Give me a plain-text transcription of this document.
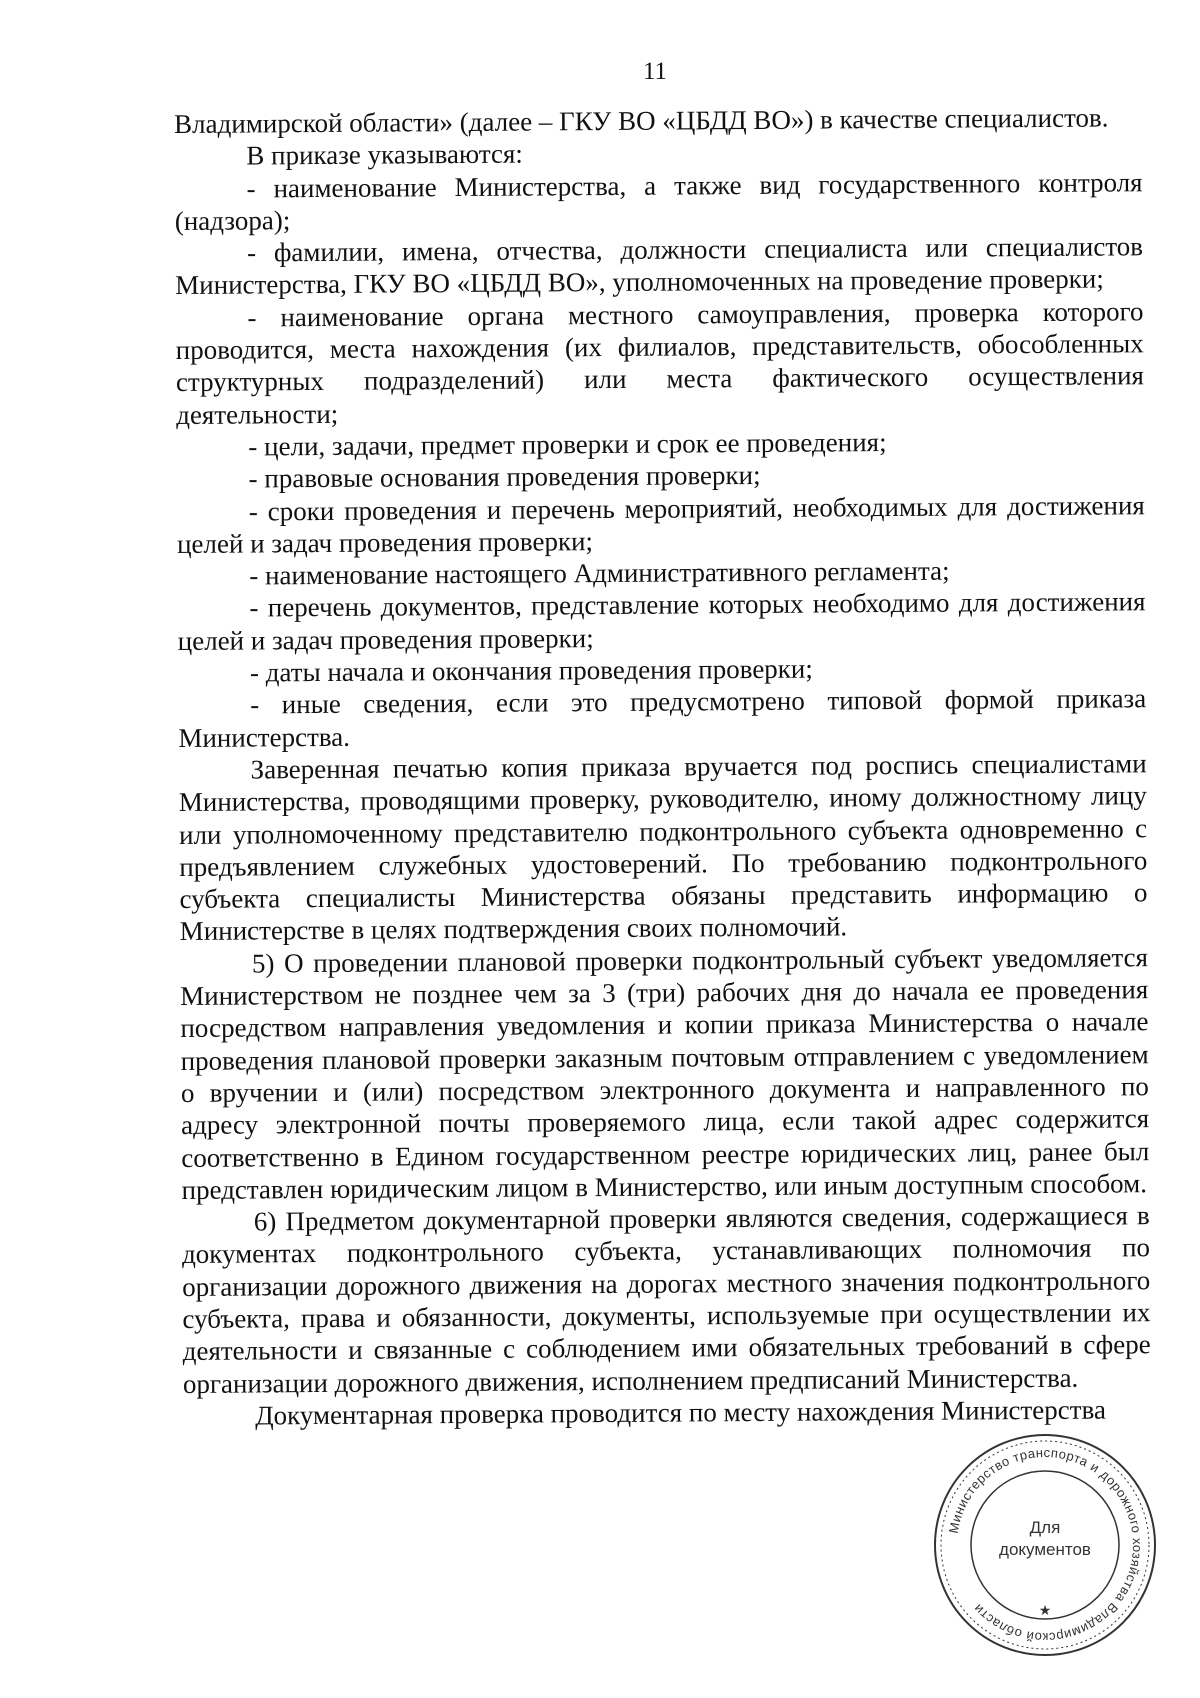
11

Владимирской области» (далее – ГКУ ВО «ЦБДД ВО») в качестве специалистов.

В приказе указываются:

- наименование Министерства, а также вид государственного контроля (надзора);

- фамилии, имена, отчества, должности специалиста или специалистов Министерства, ГКУ ВО «ЦБДД ВО», уполномоченных на проведение проверки;

- наименование органа местного самоуправления, проверка которого проводится, места нахождения (их филиалов, представительств, обособленных структурных подразделений) или места фактического осуществления деятельности;

- цели, задачи, предмет проверки и срок ее проведения;

- правовые основания проведения проверки;

- сроки проведения и перечень мероприятий, необходимых для достижения целей и задач проведения проверки;

- наименование настоящего Административного регламента;

- перечень документов, представление которых необходимо для достижения целей и задач проведения проверки;

- даты начала и окончания проведения проверки;

- иные сведения, если это предусмотрено типовой формой приказа Министерства.

Заверенная печатью копия приказа вручается под роспись специалистами Министерства, проводящими проверку, руководителю, иному должностному лицу или уполномоченному представителю подконтрольного субъекта одновременно с предъявлением служебных удостоверений. По требованию подконтрольного субъекта специалисты Министерства обязаны представить информацию о Министерстве в целях подтверждения своих полномочий.

5) О проведении плановой проверки подконтрольный субъект уведомляется Министерством не позднее чем за 3 (три) рабочих дня до начала ее проведения посредством направления уведомления и копии приказа Министерства о начале проведения плановой проверки заказным почтовым отправлением с уведомлением о вручении и (или) посредством электронного документа и направленного по адресу электронной почты проверяемого лица, если такой адрес содержится соответственно в Едином государственном реестре юридических лиц, ранее был представлен юридическим лицом в Министерство, или иным доступным способом.

6) Предметом документарной проверки являются сведения, содержащиеся в документах подконтрольного субъекта, устанавливающих полномочия по организации дорожного движения на дорогах местного значения подконтрольного субъекта, права и обязанности, документы, используемые при осуществлении их деятельности и связанные с соблюдением ими обязательных требований в сфере организации дорожного движения, исполнением предписаний Министерства.

Документарная проверка проводится по месту нахождения Министерства

Министерство транспорта и дорожного хозяйства Владимирской области	★
Для
документов
